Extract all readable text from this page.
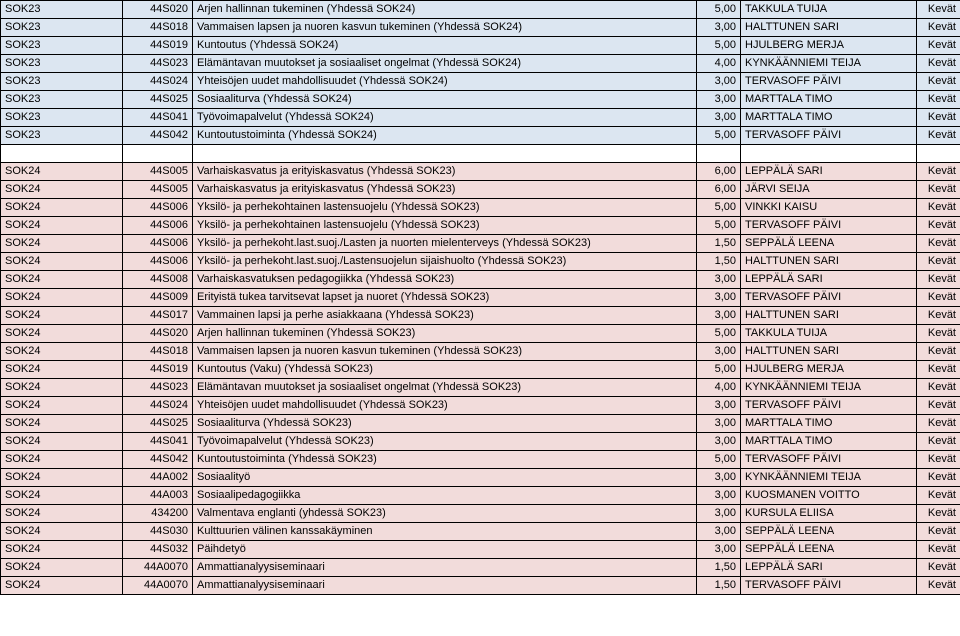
SOK23	44S020	Arjen hallinnan tukeminen (Yhdessä SOK24)	5,00	TAKKULA TUIJA	Kevät
SOK23	44S018	Vammaisen lapsen ja nuoren kasvun tukeminen (Yhdessä SOK24)	3,00	HALTTUNEN SARI	Kevät
SOK23	44S019	Kuntoutus (Yhdessä SOK24)	5,00	HJULBERG MERJA	Kevät
SOK23	44S023	Elämäntavan muutokset ja sosiaaliset ongelmat (Yhdessä SOK24)	4,00	KYNKÄÄNNIEMI TEIJA	Kevät
SOK23	44S024	Yhteisöjen uudet mahdollisuudet (Yhdessä SOK24)	3,00	TERVASOFF PÄIVI	Kevät
SOK23	44S025	Sosiaaliturva (Yhdessä SOK24)	3,00	MARTTALA TIMO	Kevät
SOK23	44S041	Työvoimapalvelut (Yhdessä SOK24)	3,00	MARTTALA TIMO	Kevät
SOK23	44S042	Kuntoutustoiminta (Yhdessä SOK24)	5,00	TERVASOFF PÄIVI	Kevät

SOK24	44S005	Varhaiskasvatus ja erityiskasvatus (Yhdessä SOK23)	6,00	LEPPÄLÄ SARI	Kevät
SOK24	44S005	Varhaiskasvatus ja erityiskasvatus (Yhdessä SOK23)	6,00	JÄRVI SEIJA	Kevät
SOK24	44S006	Yksilö- ja perhekohtainen lastensuojelu (Yhdessä SOK23)	5,00	VINKKI KAISU	Kevät
SOK24	44S006	Yksilö- ja perhekohtainen lastensuojelu (Yhdessä SOK23)	5,00	TERVASOFF PÄIVI	Kevät
SOK24	44S006	Yksilö- ja perhekoht.last.suoj./Lasten ja nuorten mielenterveys (Yhdessä SOK23)	1,50	SEPPÄLÄ LEENA	Kevät
SOK24	44S006	Yksilö- ja perhekoht.last.suoj./Lastensuojelun sijaishuolto (Yhdessä SOK23)	1,50	HALTTUNEN SARI	Kevät
SOK24	44S008	Varhaiskasvatuksen pedagogiikka (Yhdessä SOK23)	3,00	LEPPÄLÄ SARI	Kevät
SOK24	44S009	Erityistä tukea tarvitsevat lapset ja nuoret (Yhdessä SOK23)	3,00	TERVASOFF PÄIVI	Kevät
SOK24	44S017	Vammainen lapsi ja perhe asiakkaana (Yhdessä SOK23)	3,00	HALTTUNEN SARI	Kevät
SOK24	44S020	Arjen hallinnan tukeminen (Yhdessä SOK23)	5,00	TAKKULA TUIJA	Kevät
SOK24	44S018	Vammaisen lapsen ja nuoren kasvun tukeminen (Yhdessä SOK23)	3,00	HALTTUNEN SARI	Kevät
SOK24	44S019	Kuntoutus (Vaku) (Yhdessä SOK23)	5,00	HJULBERG MERJA	Kevät
SOK24	44S023	Elämäntavan muutokset ja sosiaaliset ongelmat (Yhdessä SOK23)	4,00	KYNKÄÄNNIEMI TEIJA	Kevät
SOK24	44S024	Yhteisöjen uudet mahdollisuudet (Yhdessä SOK23)	3,00	TERVASOFF PÄIVI	Kevät
SOK24	44S025	Sosiaaliturva (Yhdessä SOK23)	3,00	MARTTALA TIMO	Kevät
SOK24	44S041	Työvoimapalvelut (Yhdessä SOK23)	3,00	MARTTALA TIMO	Kevät
SOK24	44S042	Kuntoutustoiminta (Yhdessä SOK23)	5,00	TERVASOFF PÄIVI	Kevät
SOK24	44A002	Sosiaalityö	3,00	KYNKÄÄNNIEMI TEIJA	Kevät
SOK24	44A003	Sosiaalipedagogiikka	3,00	KUOSMANEN VOITTO	Kevät
SOK24	434200	Valmentava englanti (yhdessä SOK23)	3,00	KURSULA ELIISA	Kevät
SOK24	44S030	Kulttuurien välinen kanssakäyminen	3,00	SEPPÄLÄ LEENA	Kevät
SOK24	44S032	Päihdetyö	3,00	SEPPÄLÄ LEENA	Kevät
SOK24	44A0070	Ammattianalyysiseminaari	1,50	LEPPÄLÄ SARI	Kevät
SOK24	44A0070	Ammattianalyysiseminaari	1,50	TERVASOFF PÄIVI	Kevät
